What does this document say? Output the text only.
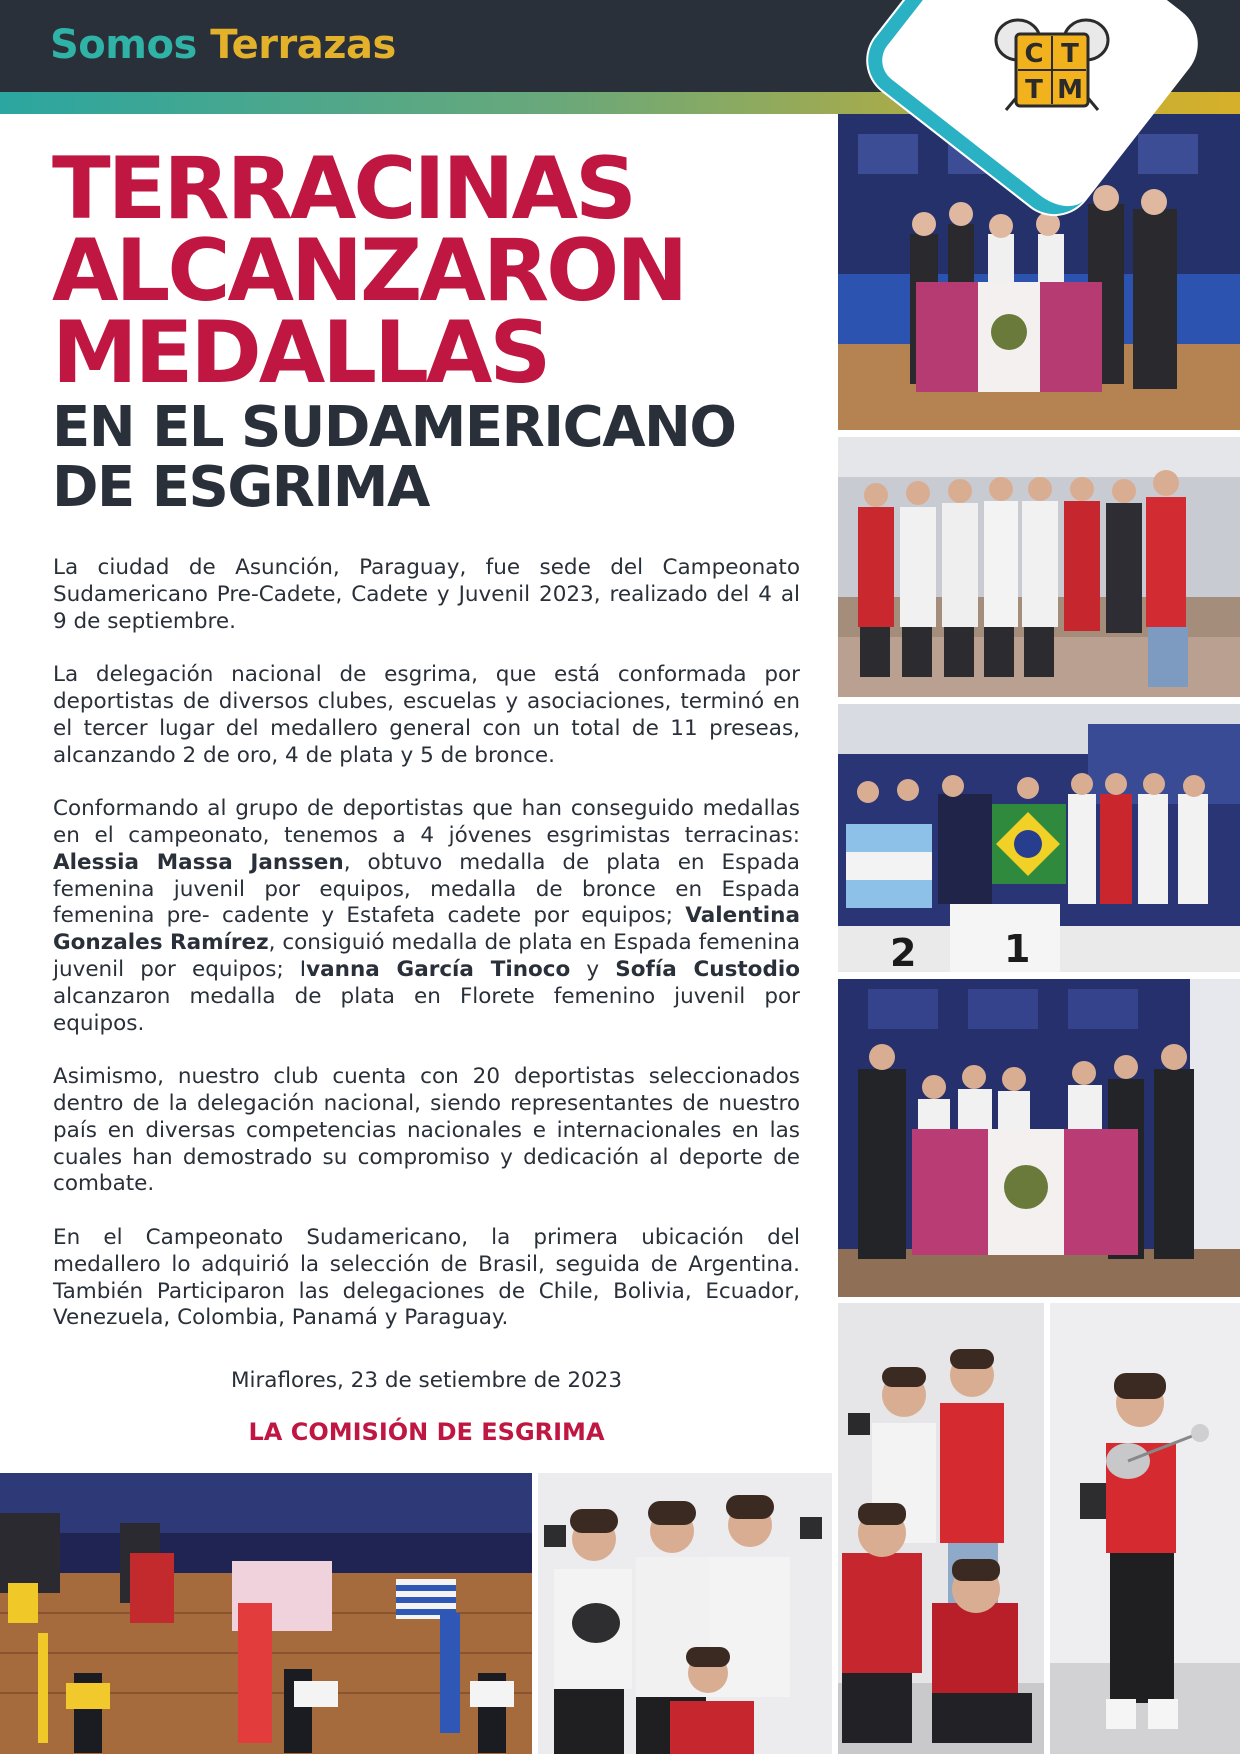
Somos Terrazas
2 1
C T
T M
TERRACINAS
ALCANZARON
MEDALLAS
EN EL SUDAMERICANO
DE ESGRIMA

La ciudad de Asunción, Paraguay, fue sede del Campeonato Sudamericano Pre-Cadete, Cadete y Juvenil 2023, realizado del 4 al 9 de septiembre.

La delegación nacional de esgrima, que está conformada por deportistas de diversos clubes, escuelas y asociaciones, terminó en el tercer lugar del medallero general con un total de 11 preseas, alcanzando 2 de oro, 4 de plata y 5 de bronce.

Conformando al grupo de deportistas que han conseguido medallas en el campeonato, tenemos a 4 jóvenes esgrimistas terracinas: Alessia Massa Janssen, obtuvo medalla de plata en Espada femenina juvenil por equipos, medalla de bronce en Espada femenina pre- cadente y Estafeta cadete por equipos; Valentina Gonzales Ramírez, consiguió medalla de plata en Espada femenina juvenil por equipos; Ivanna García Tinoco y Sofía Custodio alcanzaron medalla de plata en Florete femenino juvenil por equipos.

Asimismo, nuestro club cuenta con 20 deportistas seleccionados dentro de la delegación nacional, siendo representantes de nuestro país en diversas competencias nacionales e internacionales en las cuales han demostrado su compromiso y dedicación al deporte de combate.

En el Campeonato Sudamericano, la primera ubicación del medallero lo adquirió la selección de Brasil, seguida de Argentina. También Participaron las delegaciones de Chile, Bolivia, Ecuador, Venezuela, Colombia, Panamá y Paraguay.

Miraflores, 23 de setiembre de 2023
LA COMISIÓN DE ESGRIMA
